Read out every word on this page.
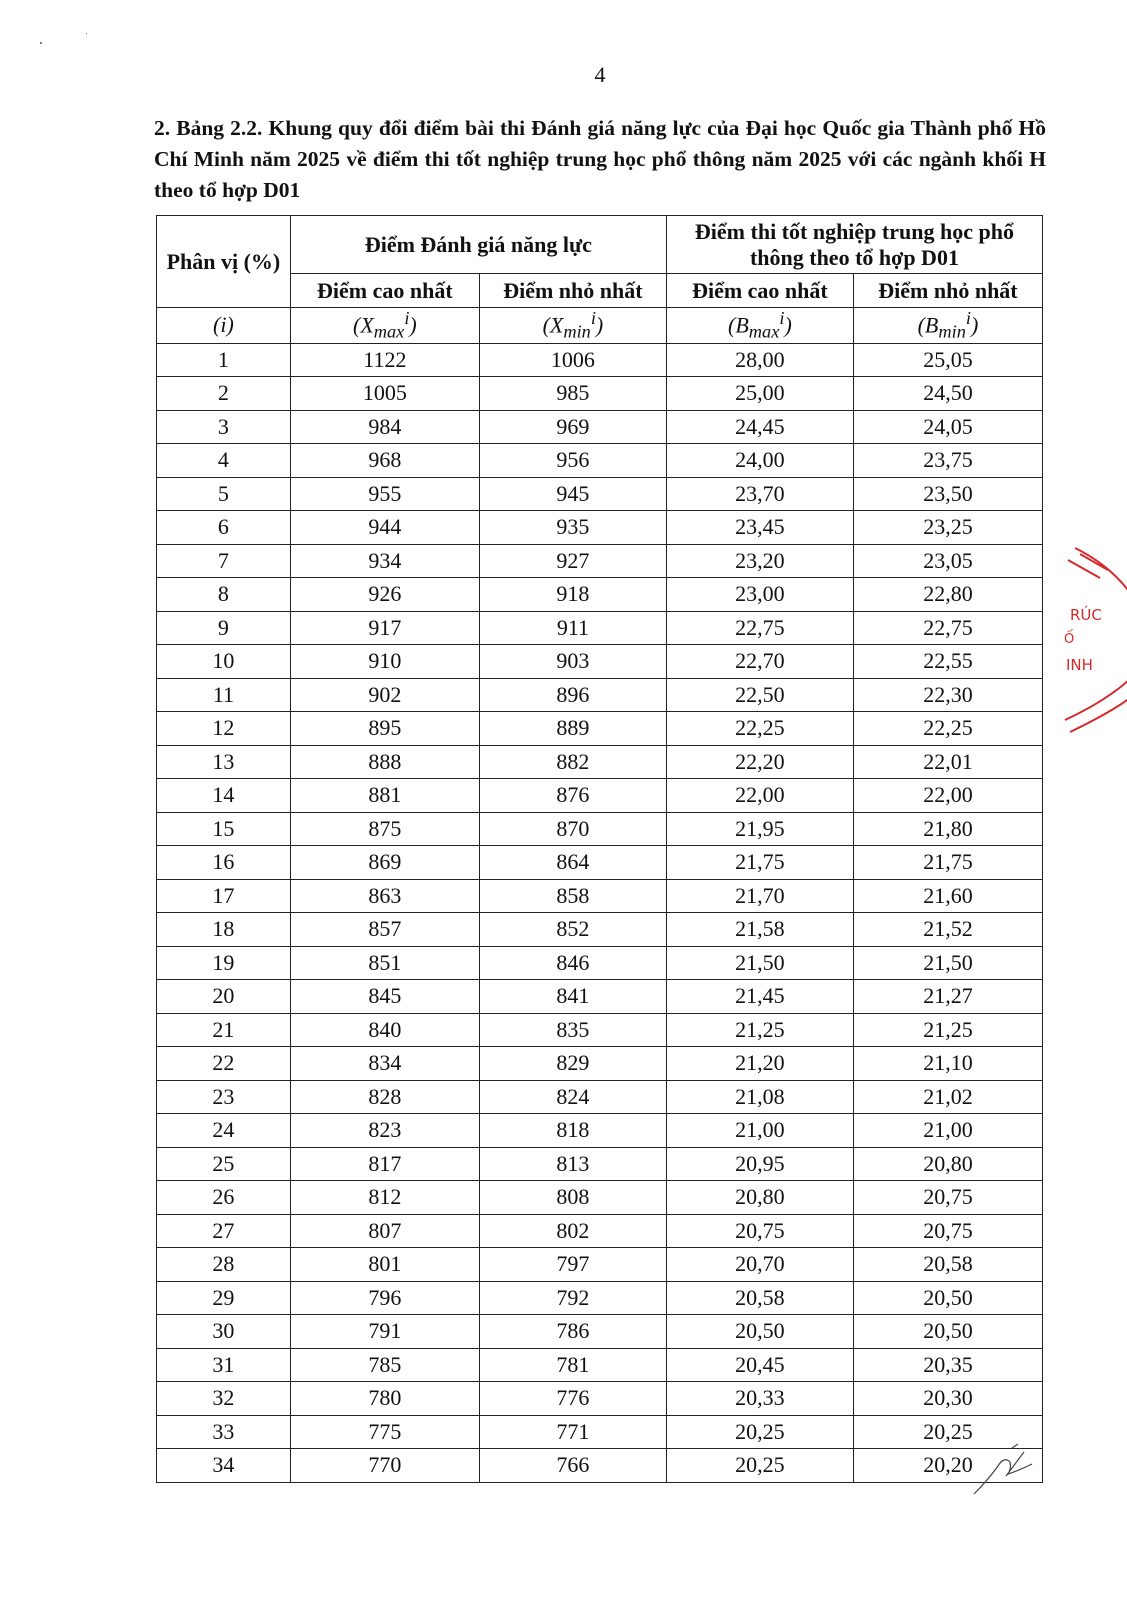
4

2. Bảng 2.2. Khung quy đổi điểm bài thi Đánh giá năng lực của Đại học Quốc gia Thành phố Hồ Chí Minh năm 2025 về điểm thi tốt nghiệp trung học phổ thông năm 2025 với các ngành khối H theo tổ hợp D01

Phân vị (%)	Điểm Đánh giá năng lực		Điểm thi tốt nghiệp trung học phổ thông theo tổ hợp D01	
	Điểm cao nhất	Điểm nhỏ nhất	Điểm cao nhất	Điểm nhỏ nhất
(i)	$(X_{max}^i)$	$(X_{min}^i)$	$(B_{max}^i)$	$(B_{min}^i)$
1	1122	1006	28,00	25,05
2	1005	985	25,00	24,50
3	984	969	24,45	24,05
4	968	956	24,00	23,75
5	955	945	23,70	23,50
6	944	935	23,45	23,25
7	934	927	23,20	23,05
8	926	918	23,00	22,80
9	917	911	22,75	22,75
10	910	903	22,70	22,55
11	902	896	22,50	22,30
12	895	889	22,25	22,25
13	888	882	22,20	22,01
14	881	876	22,00	22,00
15	875	870	21,95	21,80
16	869	864	21,75	21,75
17	863	858	21,70	21,60
18	857	852	21,58	21,52
19	851	846	21,50	21,50
20	845	841	21,45	21,27
21	840	835	21,25	21,25
22	834	829	21,20	21,10
23	828	824	21,08	21,02
24	823	818	21,00	21,00
25	817	813	20,95	20,80
26	812	808	20,80	20,75
27	807	802	20,75	20,75
28	801	797	20,70	20,58
29	796	792	20,58	20,50
30	791	786	20,50	20,50
31	785	781	20,45	20,35
32	780	776	20,33	20,30
33	775	771	20,25	20,25
34	770	766	20,25	20,20
RÚC
Ố
INH
